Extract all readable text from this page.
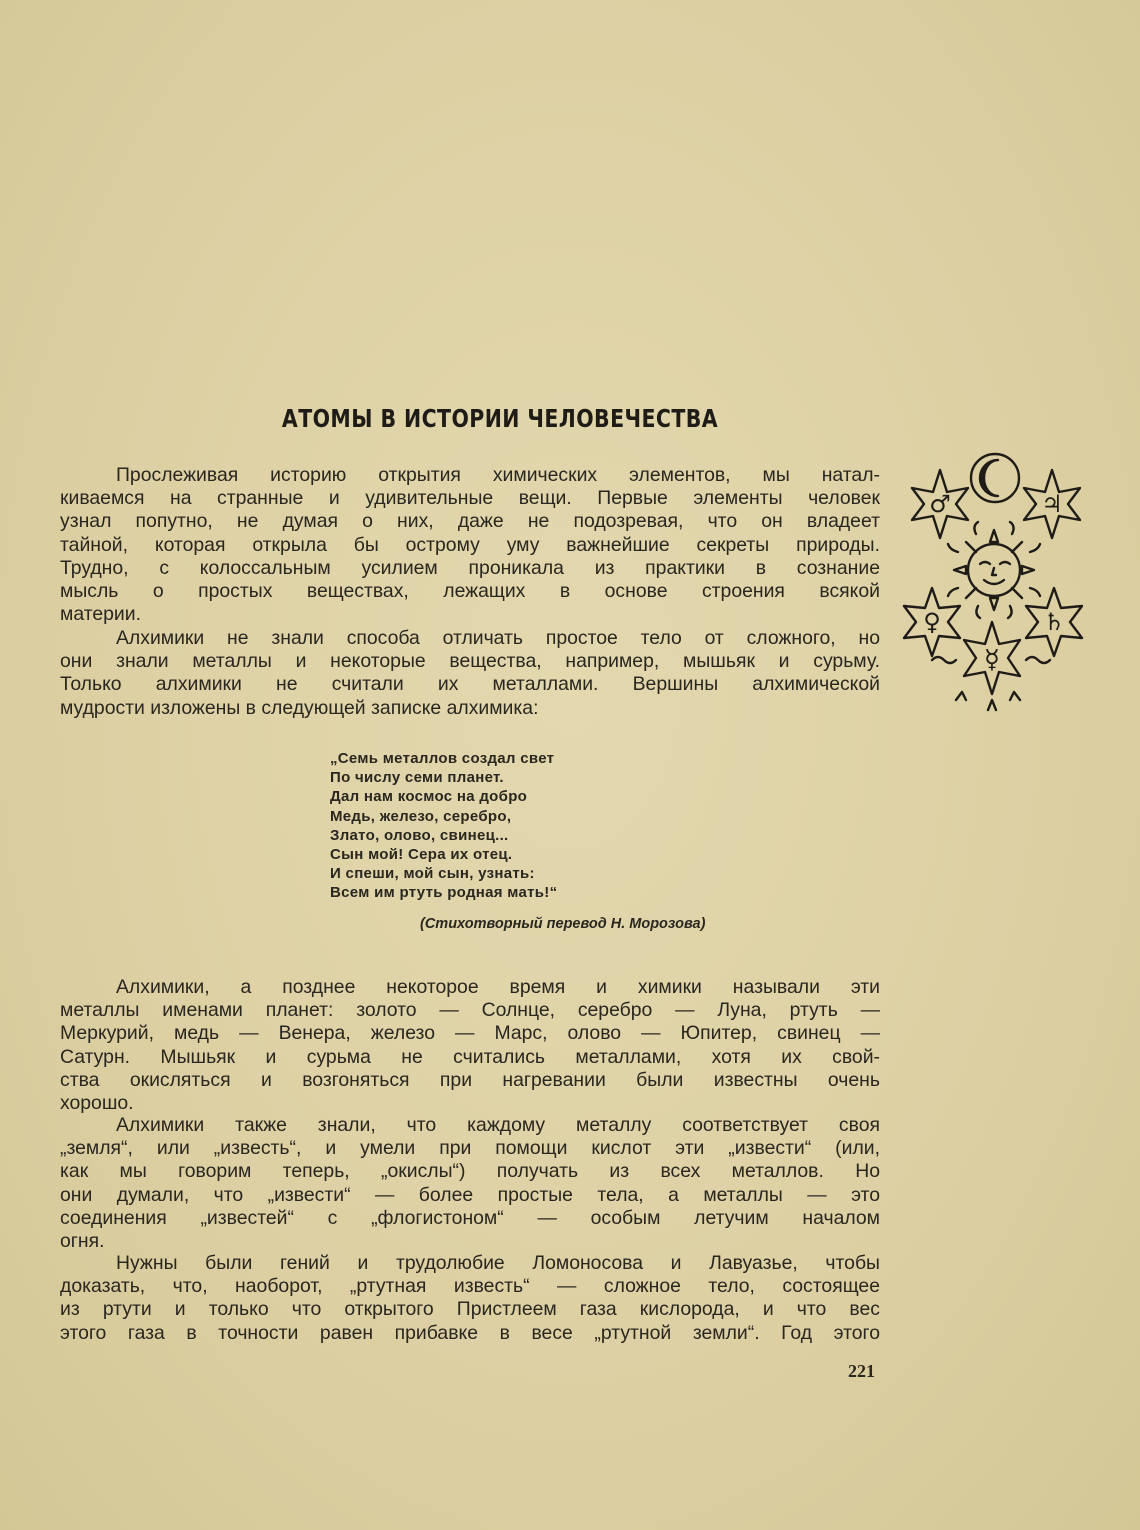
АТОМЫ В ИСТОРИИ ЧЕЛОВЕЧЕСТВА

Прослеживая историю открытия химических элементов, мы натал-
киваемся на странные и удивительные вещи. Первые элементы человек
узнал попутно, не думая о них, даже не подозревая, что он владеет
тайной, которая открыла бы острому уму важнейшие секреты природы.
Трудно, с колоссальным усилием проникала из практики в сознание
мысль о простых веществах, лежащих в основе строения всякой
материи.

Алхимики не знали способа отличать простое тело от сложного, но
они знали металлы и некоторые вещества, например, мышьяк и сурьму.
Только алхимики не считали их металлами. Вершины алхимической
мудрости изложены в следующей записке алхимика:

„Семь металлов создал свет
По числу семи планет.
Дал нам космос на добро
Медь, железо, серебро,
Злато, олово, свинец...
Сын мой! Сера их отец.
И спеши, мой сын, узнать:
Всем им ртуть родная мать!“
(Стихотворный перевод Н. Морозова)

Алхимики, а позднее некоторое время и химики называли эти
металлы именами планет: золото — Солнце, серебро — Луна, ртуть —
Меркурий, медь — Венера, железо — Марс, олово — Юпитер, свинец —
Сатурн. Мышьяк и сурьма не считались металлами, хотя их свой-
ства окисляться и возгоняться при нагревании были известны очень
хорошо.

Алхимики также знали, что каждому металлу соответствует своя
„земля“, или „известь“, и умели при помощи кислот эти „извести“ (или,
как мы говорим теперь, „окислы“) получать из всех металлов. Но
они думали, что „извести“ — более простые тела, а металлы — это
соединения „известей“ с „флогистоном“ — особым летучим началом
огня.

Нужны были гений и трудолюбие Ломоносова и Лавуазье, чтобы
доказать, что, наоборот, „ртутная известь“ — сложное тело, состоящее
из ртути и только что открытого Пристлеем газа кислорода, и что вес
этого газа в точности равен прибавке в весе „ртутной земли“. Год этого

221
♂	♃
♀	♄
☿
